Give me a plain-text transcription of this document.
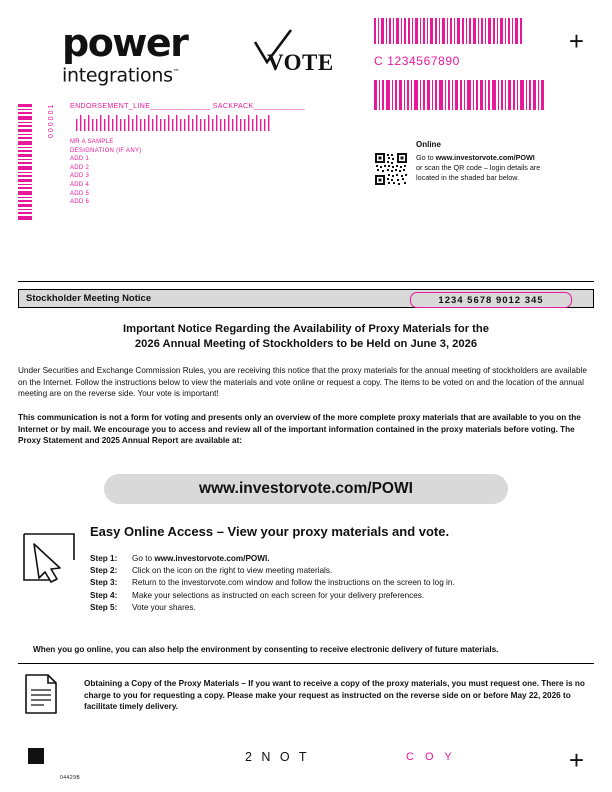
power
integrations™	VOTE
+
C 1234567890
ENDORSEMENT_LINE______________ SACKPACK____________
000001
MR A SAMPLE
DESIGNATION (IF ANY)
ADD 1
ADD 2
ADD 3
ADD 4
ADD 5
ADD 6
Online
Go to www.investorvote.com/POWI
or scan the QR code – login details are
located in the shaded bar below.
Stockholder Meeting Notice	1234 5678 9012 345
Important Notice Regarding the Availability of Proxy Materials for the
2026 Annual Meeting of Stockholders to be Held on June 3, 2026
Under Securities and Exchange Commission Rules, you are receiving this notice that the proxy materials for the annual meeting of stockholders are available on the Internet. Follow the instructions below to view the materials and vote online or request a copy. The items to be voted on and the location of the annual meeting are on the reverse side. Your vote is important!
This communication is not a form for voting and presents only an overview of the more complete proxy materials that are available to you on the Internet or by mail. We encourage you to access and review all of the important information contained in the proxy materials before voting. The Proxy Statement and 2025 Annual Report are available at:
www.investorvote.com/POWI
Easy Online Access – View your proxy materials and vote.
Step 1:	Go to www.investorvote.com/POWI.
Step 2:	Click on the icon on the right to view meeting materials.
Step 3:	Return to the investorvote.com window and follow the instructions on the screen to log in.
Step 4:	Make your selections as instructed on each screen for your delivery preferences.
Step 5:	Vote your shares.
When you go online, you can also help the environment by consenting to receive electronic delivery of future materials.
Obtaining a Copy of the Proxy Materials – If you want to receive a copy of the proxy materials, you must request one. There is no charge to you for requesting a copy. Please make your request as instructed on the reverse side on or before May 22, 2026 to facilitate timely delivery.
04429B
2 N O T	C O Y	+
